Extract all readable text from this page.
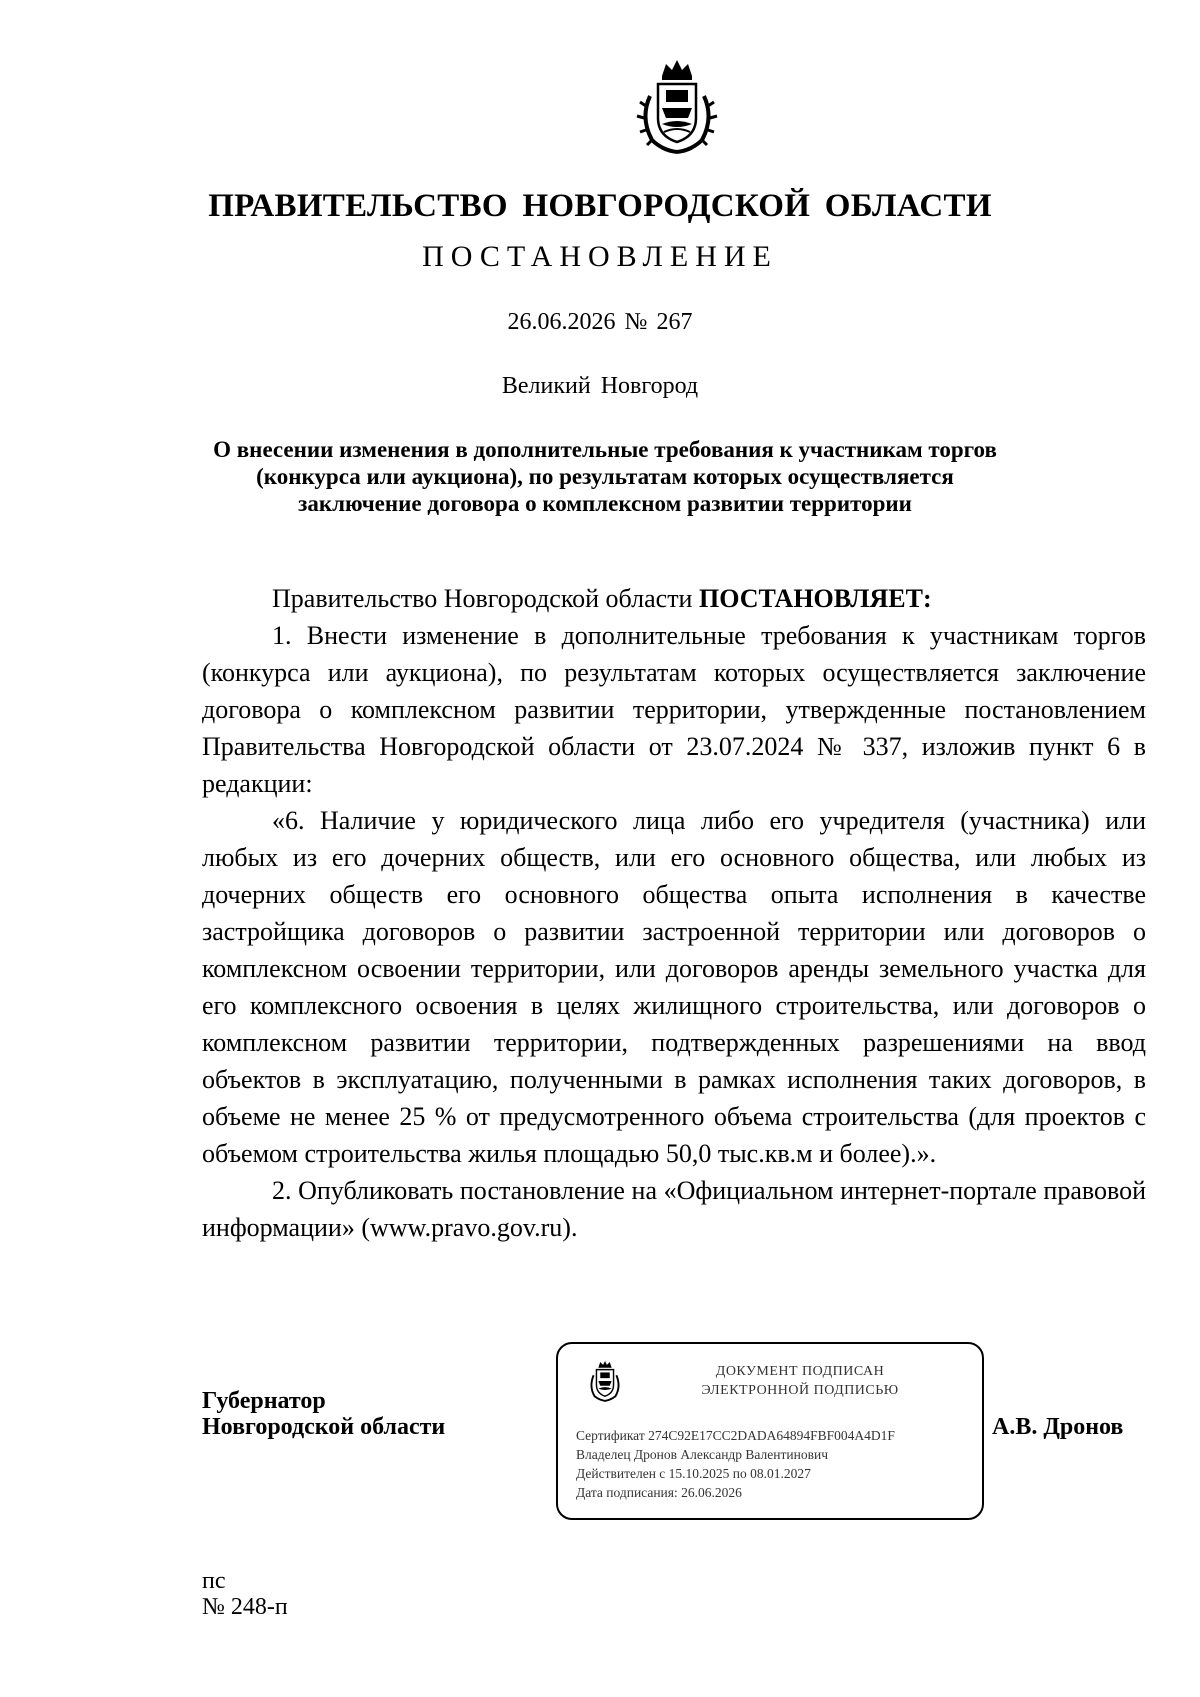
ПРАВИТЕЛЬСТВО НОВГОРОДСКОЙ ОБЛАСТИ
ПОСТАНОВЛЕНИЕ
26.06.2026 № 267
Великий Новгород
О внесении изменения в дополнительные требования к участникам торгов
(конкурса или аукциона), по результатам которых осуществляется
заключение договора о комплексном развитии территории

Правительство Новгородской области ПОСТАНОВЛЯЕТ:

1. Внести изменение в дополнительные требования к участникам торгов (конкурса или аукциона), по результатам которых осуществляется заключение договора о комплексном развитии территории, утвержденные постановлением Правительства Новгородской области от 23.07.2024 № 337, изложив пункт 6 в редакции:

«6. Наличие у юридического лица либо его учредителя (участника) или любых из его дочерних обществ, или его основного общества, или любых из дочерних обществ его основного общества опыта исполнения в качестве застройщика договоров о развитии застроенной территории или договоров о комплексном освоении территории, или договоров аренды земельного участка для его комплексного освоения в целях жилищного строительства, или договоров о комплексном развитии территории, подтвержденных разрешениями на ввод объектов в эксплуатацию, полученными в рамках исполнения таких договоров, в объеме не менее 25 % от предусмотренного объема строительства (для проектов с объемом строительства жилья площадью 50,0 тыс.кв.м и более).».

2. Опубликовать постановление на «Официальном интернет-портале правовой информации» (www.pravo.gov.ru).

Губернатор
Новгородской области
ДОКУМЕНТ ПОДПИСАН
ЭЛЕКТРОННОЙ ПОДПИСЬЮ
Сертификат 274C92E17CC2DADA64894FBF004A4D1F
Владелец Дронов Александр Валентинович
Действителен с 15.10.2025 по 08.01.2027
Дата подписания: 26.06.2026
А.В. Дронов
пс
№ 248-п
